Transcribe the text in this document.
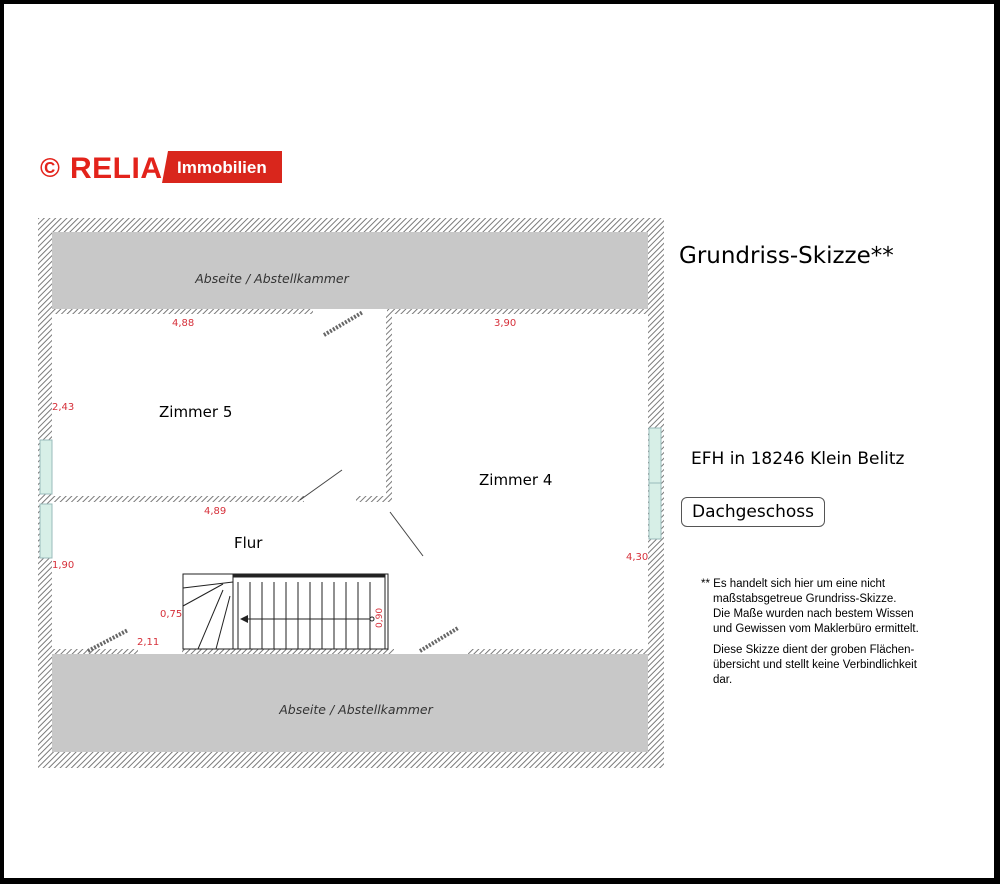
© RELIA Immobilien
Abseite / Abstellkammer
Abseite / Abstellkammer
Zimmer 5
Zimmer 4
Flur
4,88	3,90
2,43
4,89
1,90
4,30
0,75
2,11
0,90
Grundriss-Skizze**
EFH in 18246 Klein Belitz
Dachgeschoss
** Es handelt sich hier um eine nicht
maßstabsgetreue Grundriss-Skizze.
Die Maße wurden nach bestem Wissen
und Gewissen vom Maklerbüro ermittelt.
Diese Skizze dient der groben Flächen-
übersicht und stellt keine Verbindlichkeit
dar.
